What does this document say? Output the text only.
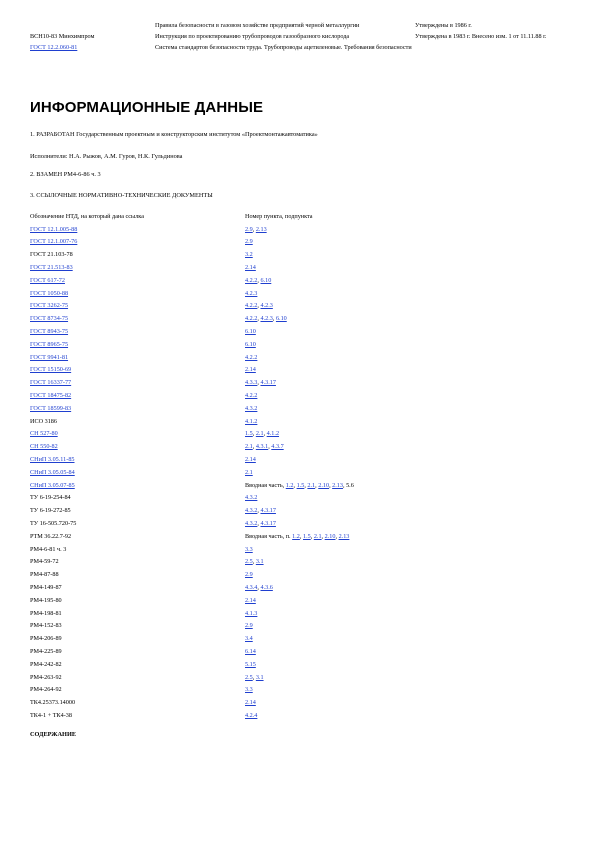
	Правила безопасности в газовом хозяйстве предприятий черной металлургии	Утверждены в 1986 г.
ВСН10-83 Минхимпром	Инструкция по проектированию трубопроводов газообразного кислорода	Утверждена в 1983 г. Внесено изм. 1 от 11.11.88 г.
ГОСТ 12.2.060-81	Система стандартов безопасности труда. Трубопроводы ацетиленовые. Требования безопасности	
ИНФОРМАЦИОННЫЕ ДАННЫЕ
1. РАЗРАБОТАН Государственным проектным и конструкторским институтом «Проектмонтажавтоматика»
Исполнители: Н.А. Рыжов, А.М. Гуров, Н.К. Гульдинова
2. ВЗАМЕН РМ4-6-86 ч. 3
3. ССЫЛОЧНЫЕ НОРМАТИВНО-ТЕХНИЧЕСКИЕ ДОКУМЕНТЫ
Обозначение НТД, на который дана ссылка	Номер пункта, подпункта
ГОСТ 12.1.005-88	2.9, 2.13
ГОСТ 12.1.007-76	2.9
ГОСТ 21.103-78	3.2
ГОСТ 21.513-83	2.14
ГОСТ 617-72	4.2.2, 6.10
ГОСТ 1050-88	4.2.3
ГОСТ 3262-75	4.2.2, 4.2.3
ГОСТ 8734-75	4.2.2, 4.2.3, 6.10
ГОСТ 8943-75	6.10
ГОСТ 8965-75	6.10
ГОСТ 9941-81	4.2.2
ГОСТ 15150-69	2.14
ГОСТ 16337-77	4.3.3, 4.3.17
ГОСТ 18475-82	4.2.2
ГОСТ 18599-83	4.3.2
ИСО 3186	4.1.2
СН 527-80	1.5, 2.1, 4.1.2
СН 550-82	2.1, 4.3.1, 4.3.7
СНиП 3.05.11-85	2.14
СНиП 3.05.05-84	2.1
СНиП 3.05.07-85	Вводная часть, 1.2, 1.5, 2.1, 2.10, 2.13, 5.6
ТУ 6-19-254-84	4.3.2
ТУ 6-19-272-85	4.3.2, 4.3.17
ТУ 16-505.720-75	4.3.2, 4.3.17
РТМ 36.22.7-92	Вводная часть, п. 1.2, 1.5, 2.1, 2.10, 2.13
РМ4-6-81 ч. 3	3.3
РМ4-59-72	2.5, 3.1
РМ4-87-88	2.9
РМ4-149-87	4.3.4, 4.3.6
РМ4-195-80	2.14
РМ4-198-81	4.1.3
РМ4-152-83	2.9
РМ4-206-89	3.4
РМ4-225-89	6.14
РМ4-242-82	5.15
РМ4-263-92	2.5, 3.1
РМ4-264-92	3.3
ТК4.25373.14000	2.14
ТК4-1 + ТК4-38	4.2.4
СОДЕРЖАНИЕ
